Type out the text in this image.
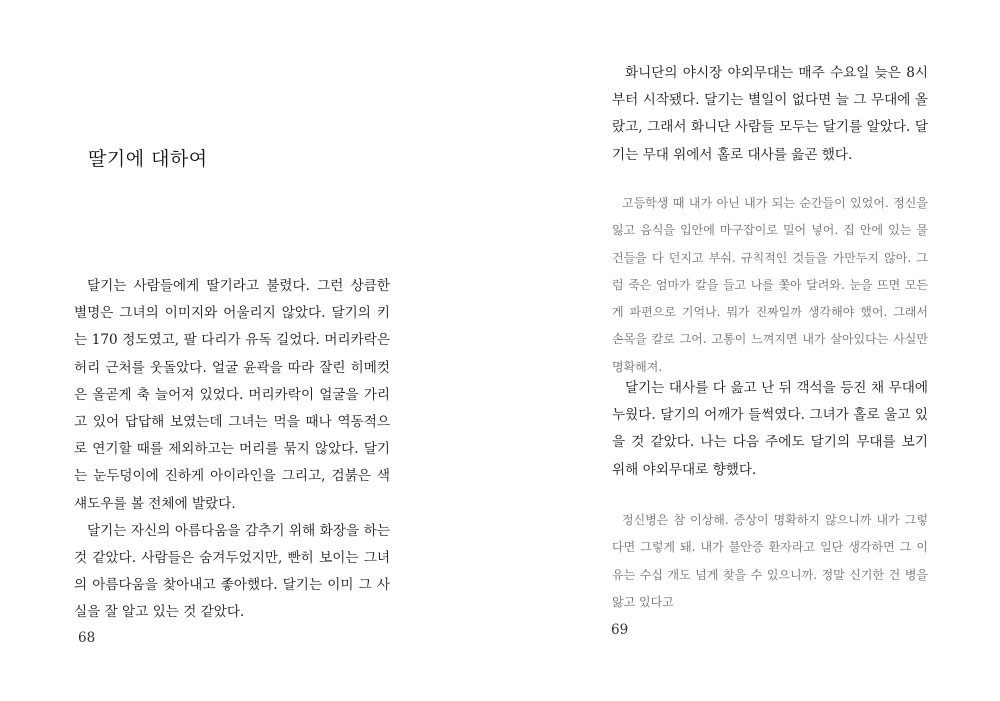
딸기에 대하여

달기는 사람들에게 딸기라고 불렸다. 그런 상큼한 별명은 그녀의 이미지와 어울리지 않았다. 달기의 키는 170 정도였고, 팔 다리가 유독 길었다. 머리카락은 허리 근처를 웃돌았다. 얼굴 윤곽을 따라 잘린 히메컷은 올곧게 축 늘어져 있었다. 머리카락이 얼굴을 가리고 있어 답답해 보였는데 그녀는 먹을 때나 역동적으로 연기할 때를 제외하고는 머리를 묶지 않았다. 달기는 눈두덩이에 진하게 아이라인을 그리고, 검붉은 색 섀도우를 볼 전체에 발랐다.

달기는 자신의 아름다움을 감추기 위해 화장을 하는 것 같았다. 사람들은 숨겨두었지만, 빤히 보이는 그녀의 아름다움을 찾아내고 좋아했다. 달기는 이미 그 사실을 잘 알고 있는 것 같았다.

68

화니단의 야시장 야외무대는 매주 수요일 늦은 8시부터 시작됐다. 달기는 별일이 없다면 늘 그 무대에 올랐고, 그래서 화니단 사람들 모두는 달기를 알았다. 달기는 무대 위에서 홀로 대사를 읊곤 했다.

고등학생 때 내가 아닌 내가 되는 순간들이 있었어. 정신을 잃고 음식을 입안에 마구잡이로 밀어 넣어. 집 안에 있는 물건들을 다 던지고 부숴. 규칙적인 것들을 가만두지 않아. 그럼 죽은 엄마가 칼을 들고 나를 쫓아 달려와. 눈을 뜨면 모든 게 파편으로 기억나. 뭐가 진짜일까 생각해야 했어. 그래서 손목을 칼로 그어. 고통이 느껴지면 내가 살아있다는 사실만 명확해져.

달기는 대사를 다 읊고 난 뒤 객석을 등진 채 무대에 누웠다. 달기의 어깨가 들썩였다. 그녀가 홀로 울고 있을 것 같았다. 나는 다음 주에도 달기의 무대를 보기 위해 야외무대로 향했다.

정신병은 참 이상해. 증상이 명확하지 않으니까 내가 그렇다면 그렇게 돼. 내가 불안증 환자라고 일단 생각하면 그 이유는 수십 개도 넘게 찾을 수 있으니까. 정말 신기한 건 병을 앓고 있다고

69
